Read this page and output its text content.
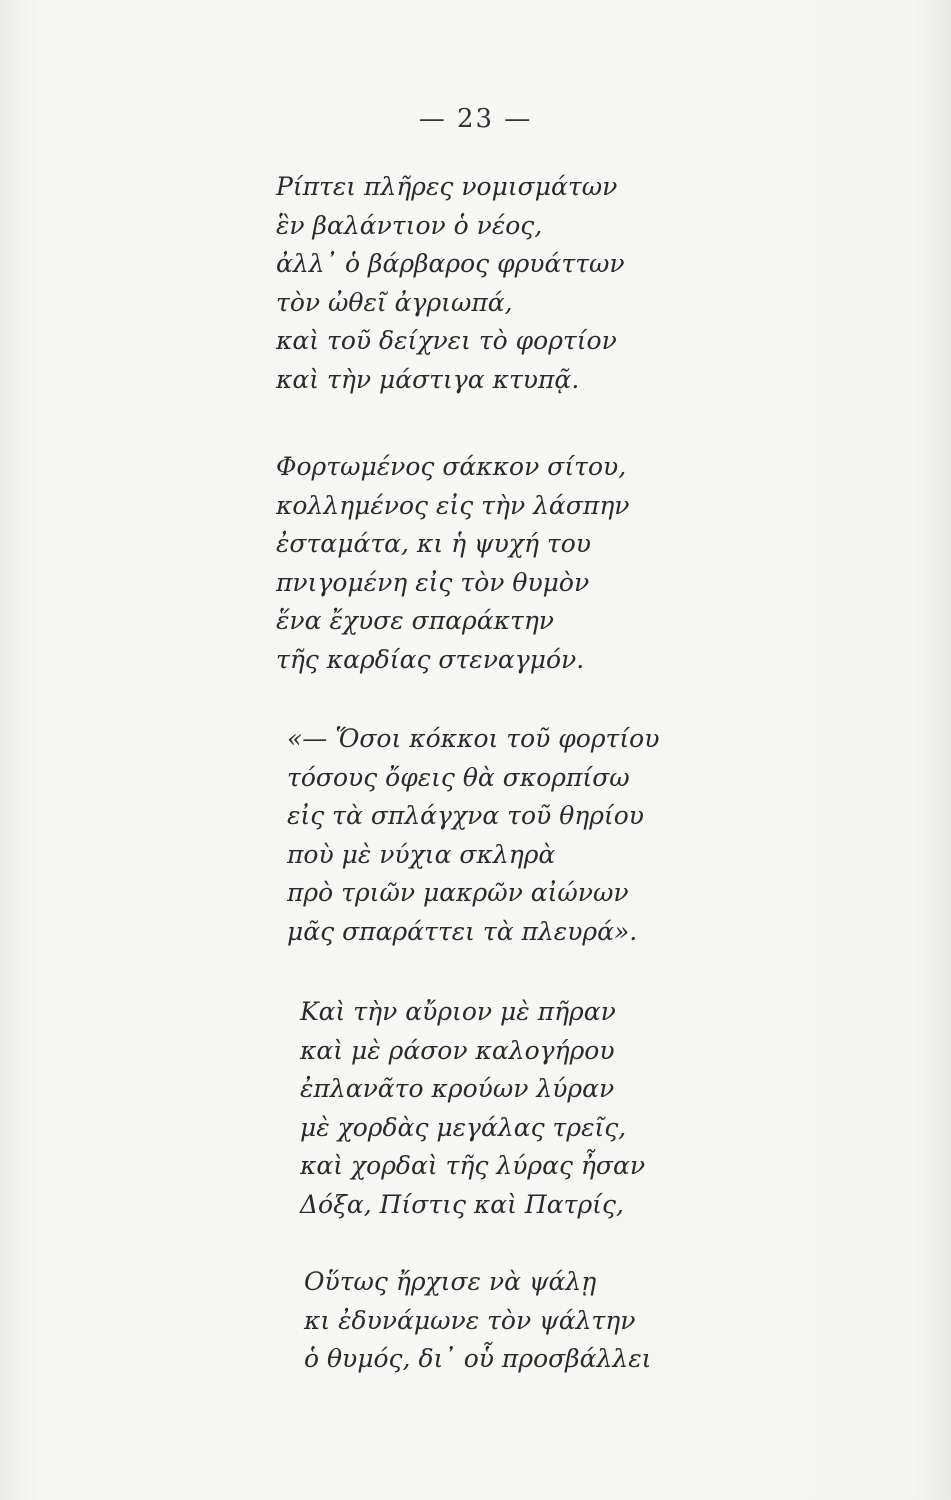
— 23 —
Ρίπτει πλῆρες νομισμάτων
ἓν βαλάντιον ὁ νέος,
ἀλλ᾽ ὁ βάρβαρος φρυάττων
τὸν ὠθεῖ ἀγριωπά,
καὶ τοῦ δείχνει τὸ φορτίον
καὶ τὴν μάστιγα κτυπᾷ.
Φορτωμένος σάκκον σίτου,
κολλημένος εἰς τὴν λάσπην
ἐσταμάτα, κι ἡ ψυχή του
πνιγομένη εἰς τὸν θυμὸν
ἕνα ἔχυσε σπαράκτην
τῆς καρδίας στεναγμόν.
«— Ὅσοι κόκκοι τοῦ φορτίου
τόσους ὄφεις θὰ σκορπίσω
εἰς τὰ σπλάγχνα τοῦ θηρίου
ποὺ μὲ νύχια σκληρὰ
πρὸ τριῶν μακρῶν αἰώνων
μᾶς σπαράττει τὰ πλευρά».
Καὶ τὴν αὔριον μὲ πῆραν
καὶ μὲ ράσον καλογήρου
ἐπλανᾶτο κρούων λύραν
μὲ χορδὰς μεγάλας τρεῖς,
καὶ χορδαὶ τῆς λύρας ἦσαν
Δόξα, Πίστις καὶ Πατρίς,
Οὕτως ἤρχισε νὰ ψάλῃ
κι ἐδυνάμωνε τὸν ψάλτην
ὁ θυμός, δι᾽ οὗ προσβάλλει
